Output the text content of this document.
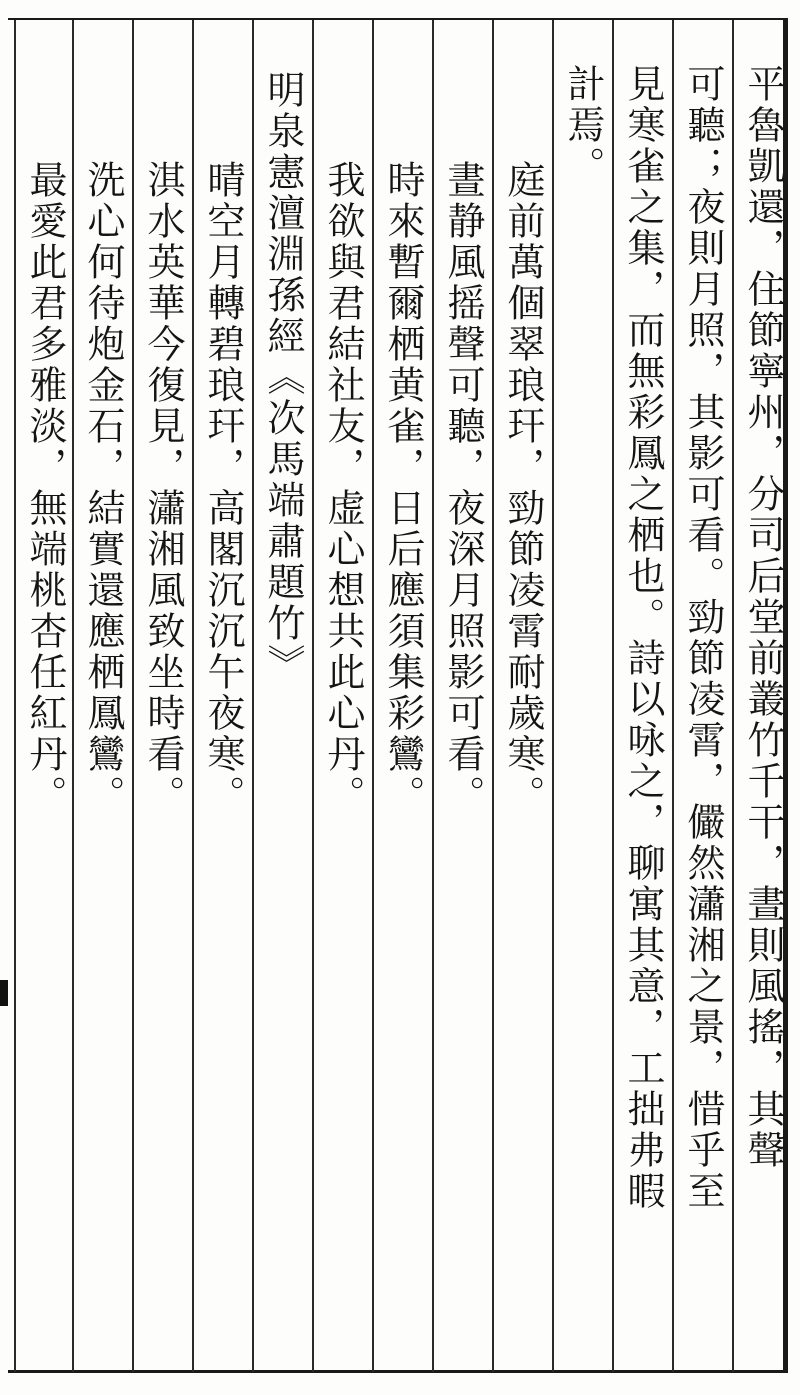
平魯凱還，住節寧州，分司后堂前叢竹千干，晝則風搖，其聲
可聽；夜則月照，其影可看。勁節凌霄，儼然瀟湘之景，惜乎至
見寒雀之集，而無彩鳳之栖也。詩以咏之，聊寓其意，工拙弗暇
計焉。
庭前萬個翠琅玕，勁節凌霄耐歲寒。
晝静風摇聲可聽，夜深月照影可看。
時來暫爾栖黄雀，日后應須集彩鸞。
我欲與君結社友，虚心想共此心丹。
明泉憲澶淵孫經《次馬端肅題竹》
晴空月轉碧琅玕，高閣沉沉午夜寒。
淇水英華今復見，瀟湘風致坐時看。
洗心何待炮金石，結實還應栖鳳鸞。
最愛此君多雅淡，無端桃杏任紅丹。
